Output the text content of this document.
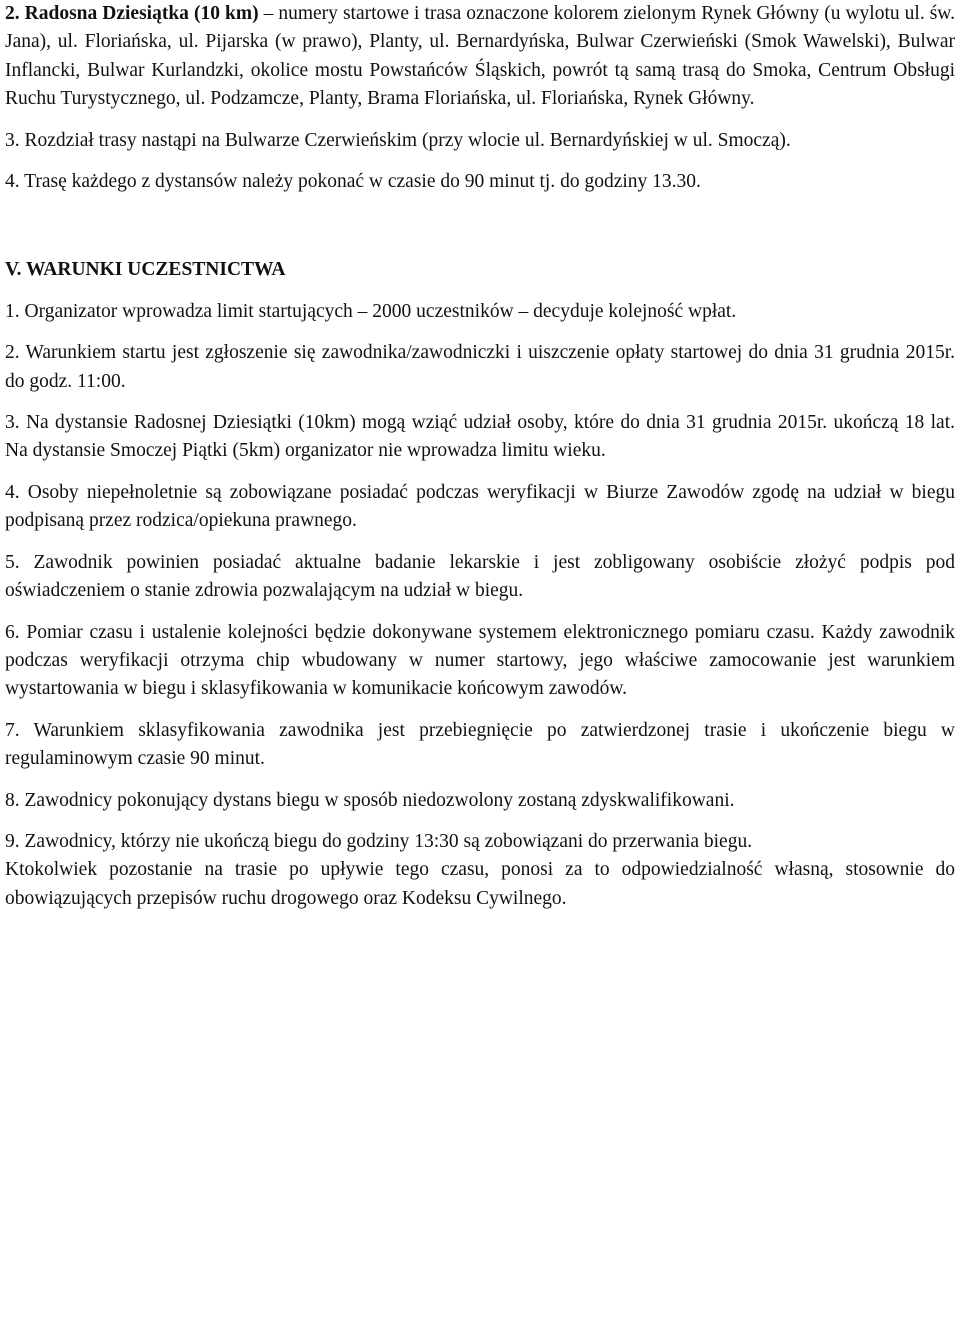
2. Radosna Dziesiątka (10 km) – numery startowe i trasa oznaczone kolorem zielonym Rynek Główny (u wylotu ul. św. Jana), ul. Floriańska, ul. Pijarska (w prawo), Planty, ul. Bernardyńska, Bulwar Czerwieński (Smok Wawelski), Bulwar Inflancki, Bulwar Kurlandzki, okolice mostu Powstańców Śląskich, powrót tą samą trasą do Smoka, Centrum Obsługi Ruchu Turystycznego, ul. Podzamcze, Planty, Brama Floriańska, ul. Floriańska, Rynek Główny.

3. Rozdział trasy nastąpi na Bulwarze Czerwieńskim (przy wlocie ul. Bernardyńskiej w ul. Smoczą).

4. Trasę każdego z dystansów należy pokonać w czasie do 90 minut tj. do godziny 13.30.

V. WARUNKI UCZESTNICTWA

1. Organizator wprowadza limit startujących – 2000 uczestników – decyduje kolejność wpłat.

2. Warunkiem startu jest zgłoszenie się zawodnika/zawodniczki i uiszczenie opłaty startowej do dnia 31 grudnia 2015r. do godz. 11:00.

3. Na dystansie Radosnej Dziesiątki (10km) mogą wziąć udział osoby, które do dnia 31 grudnia 2015r. ukończą 18 lat. Na dystansie Smoczej Piątki (5km) organizator nie wprowadza limitu wieku.

4. Osoby niepełnoletnie są zobowiązane posiadać podczas weryfikacji w Biurze Zawodów zgodę na udział w biegu podpisaną przez rodzica/opiekuna prawnego.

5. Zawodnik powinien posiadać aktualne badanie lekarskie i jest zobligowany osobiście złożyć podpis pod oświadczeniem o stanie zdrowia pozwalającym na udział w biegu.

6. Pomiar czasu i ustalenie kolejności będzie dokonywane systemem elektronicznego pomiaru czasu. Każdy zawodnik podczas weryfikacji otrzyma chip wbudowany w numer startowy, jego właściwe zamocowanie jest warunkiem wystartowania w biegu i sklasyfikowania w komunikacie końcowym zawodów.

7. Warunkiem sklasyfikowania zawodnika jest przebiegnięcie po zatwierdzonej trasie i ukończenie biegu w regulaminowym czasie 90 minut.

8. Zawodnicy pokonujący dystans biegu w sposób niedozwolony zostaną zdyskwalifikowani.

9. Zawodnicy, którzy nie ukończą biegu do godziny 13:30 są zobowiązani do przerwania biegu.

Ktokolwiek pozostanie na trasie po upływie tego czasu, ponosi za to odpowiedzialność własną, stosownie do obowiązujących przepisów ruchu drogowego oraz Kodeksu Cywilnego.
